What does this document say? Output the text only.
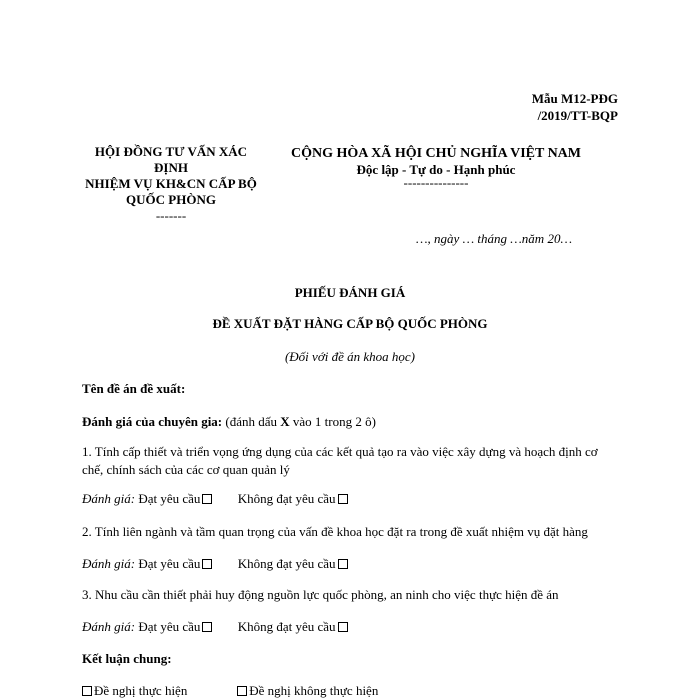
Mẫu M12-PĐG
/2019/TT-BQP
HỘI ĐỒNG TƯ VẤN XÁC ĐỊNH
NHIỆM VỤ KH&CN CẤP BỘ QUỐC PHÒNG
-------
CỘNG HÒA XÃ HỘI CHỦ NGHĨA VIỆT NAM
Độc lập - Tự do - Hạnh phúc
---------------
…, ngày … tháng …năm 20…
PHIẾU ĐÁNH GIÁ
ĐỀ XUẤT ĐẶT HÀNG CẤP BỘ QUỐC PHÒNG
(Đối với đề án khoa học)
Tên đề án đề xuất:
Đánh giá của chuyên gia: (đánh dấu X vào 1 trong 2 ô)
1. Tính cấp thiết và triển vọng ứng dụng của các kết quả tạo ra vào việc xây dựng và hoạch định cơ chế, chính sách của các cơ quan quản lý
Đánh giá: Đạt yêu cầu	Không đạt yêu cầu
2. Tính liên ngành và tầm quan trọng của vấn đề khoa học đặt ra trong đề xuất nhiệm vụ đặt hàng
Đánh giá: Đạt yêu cầu	Không đạt yêu cầu
3. Nhu cầu cần thiết phải huy động nguồn lực quốc phòng, an ninh cho việc thực hiện đề án
Đánh giá: Đạt yêu cầu	Không đạt yêu cầu
Kết luận chung:
Đề nghị thực hiện	Đề nghị không thực hiện
